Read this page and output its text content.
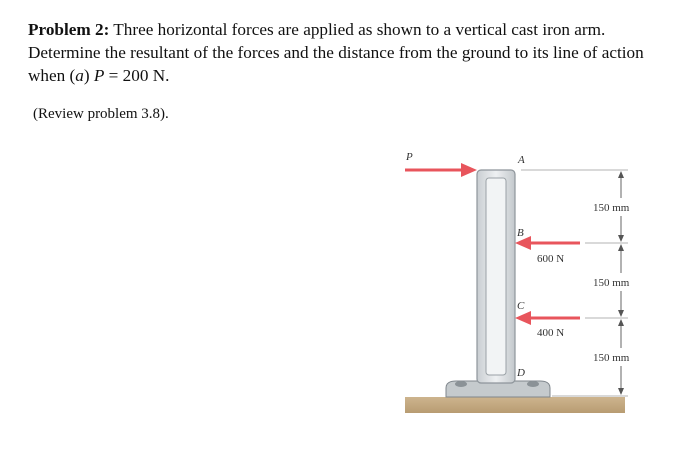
Problem 2: Three horizontal forces are applied as shown to a vertical cast iron arm. Determine the resultant of the forces and the distance from the ground to its line of action when (a) P = 200 N.
(Review problem 3.8).
P	A
B
C
D
600 N
400 N
150 mm
150 mm
150 mm
